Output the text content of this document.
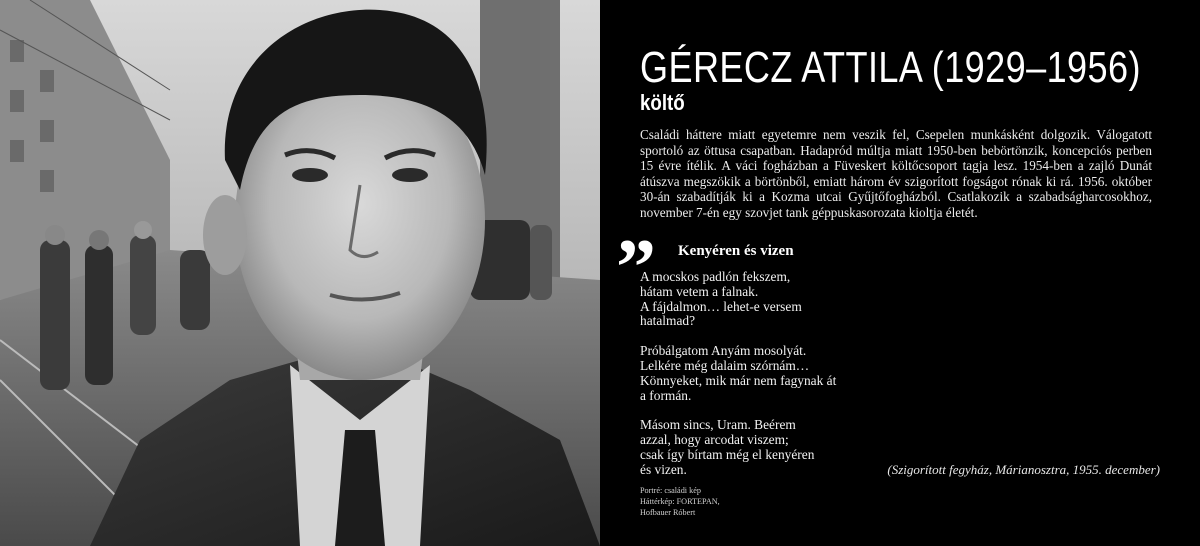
GÉRECZ ATTILA (1929–1956)
költő

Családi háttere miatt egyetemre nem veszik fel, Csepelen munkásként dolgozik. Válogatott sportoló az öttusa csapatban. Hadapród múltja miatt 1950-ben bebörtönzik, koncepciós perben 15 évre ítélik. A váci fogházban a Füveskert költőcsoport tagja lesz. 1954-ben a zajló Dunát átúszva megszökik a börtönből, emiatt három év szigorított fogságot rónak ki rá. 1956. október 30-án szabadítják ki a Kozma utcai Gyűjtőfogházból. Csatlakozik a szabadságharcosokhoz, november 7-én egy szovjet tank géppuskasorozata kioltja életét.

” Kenyéren és vizen

A mocskos padlón fekszem,
hátam vetem a falnak.
A fájdalmon… lehet-e versem
hatalmad?

Próbálgatom Anyám mosolyát.
Lelkére még dalaim szórnám…
Könnyeket, mik már nem fagynak át
a formán.

Másom sincs, Uram. Beérem
azzal, hogy arcodat viszem;
csak így bírtam még el kenyéren
és vizen.	(Szigorított fegyház, Márianosztra, 1955. december)

Portré: családi kép
Háttérkép: FORTEPAN,
Hofbauer Róbert
